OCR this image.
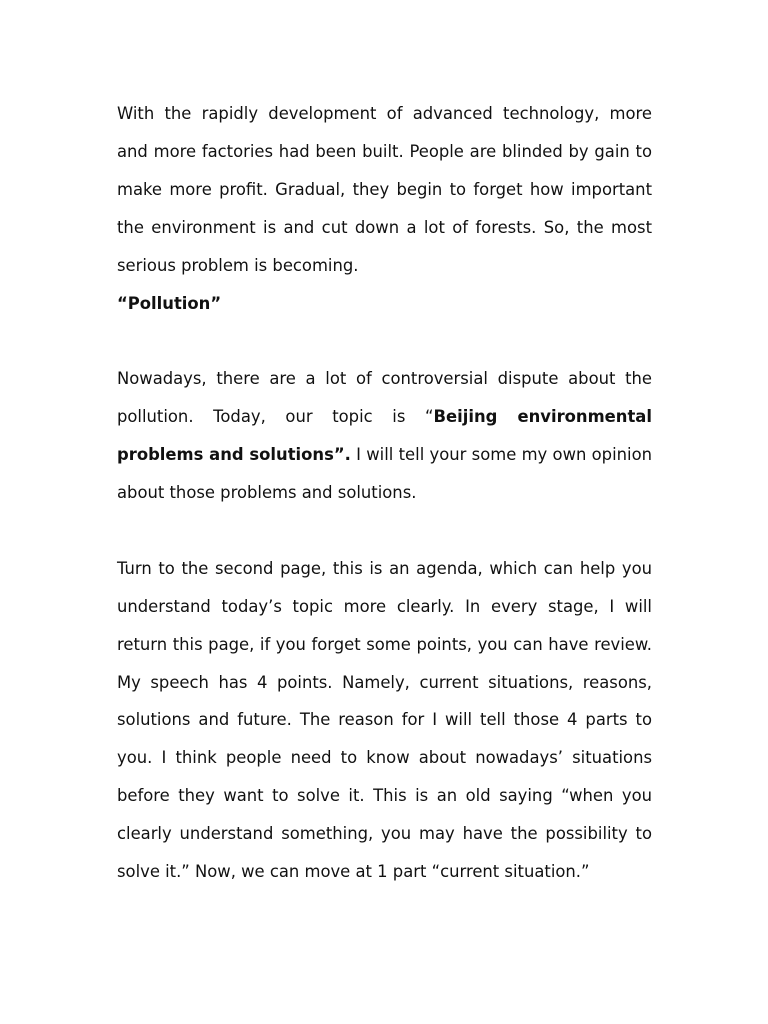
With the rapidly development of advanced technology, more and more factories had been built. People are blinded by gain to make more profit. Gradual, they begin to forget how important the environment is and cut down a lot of forests. So, the most serious problem is becoming.
“Pollution”

Nowadays, there are a lot of controversial dispute about the pollution. Today, our topic is “Beijing environmental problems and solutions”. I will tell your some my own opinion about those problems and solutions.

Turn to the second page, this is an agenda, which can help you understand today’s topic more clearly. In every stage, I will return this page, if you forget some points, you can have review. My speech has 4 points. Namely, current situations, reasons, solutions and future. The reason for I will tell those 4 parts to you. I think people need to know about nowadays’ situations before they want to solve it. This is an old saying “when you clearly understand something, you may have the possibility to solve it.” Now, we can move at 1 part “current situation.”
